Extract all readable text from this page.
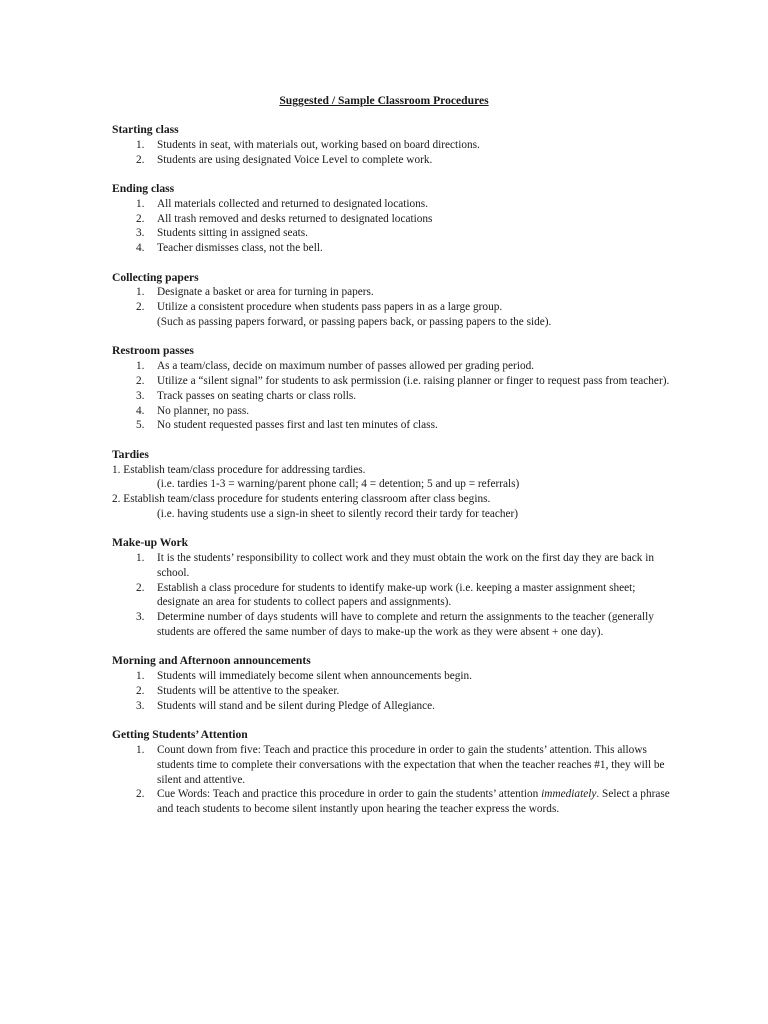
Suggested / Sample Classroom Procedures
Starting class
1. Students in seat, with materials out, working based on board directions.
2. Students are using designated Voice Level to complete work.
Ending class
1. All materials collected and returned to designated locations.
2. All trash removed and desks returned to designated locations
3. Students sitting in assigned seats.
4. Teacher dismisses class, not the bell.
Collecting papers
1. Designate a basket or area for turning in papers.
2. Utilize a consistent procedure when students pass papers in as a large group.
(Such as passing papers forward, or passing papers back, or passing papers to the side).
Restroom passes
1. As a team/class, decide on maximum number of passes allowed per grading period.
2. Utilize a “silent signal” for students to ask permission (i.e. raising planner or finger to request pass from teacher).
3. Track passes on seating charts or class rolls.
4. No planner, no pass.
5. No student requested passes first and last ten minutes of class.
Tardies
1. Establish team/class procedure for addressing tardies.
(i.e. tardies 1-3 = warning/parent phone call; 4 = detention; 5 and up = referrals)
2. Establish team/class procedure for students entering classroom after class begins.
(i.e. having students use a sign-in sheet to silently record their tardy for teacher)
Make-up Work
1. It is the students’ responsibility to collect work and they must obtain the work on the first day they are back in school.
2. Establish a class procedure for students to identify make-up work (i.e. keeping a master assignment sheet; designate an area for students to collect papers and assignments).
3. Determine number of days students will have to complete and return the assignments to the teacher (generally students are offered the same number of days to make-up the work as they were absent + one day).
Morning and Afternoon announcements
1. Students will immediately become silent when announcements begin.
2. Students will be attentive to the speaker.
3. Students will stand and be silent during Pledge of Allegiance.
Getting Students’ Attention
1. Count down from five: Teach and practice this procedure in order to gain the students’ attention. This allows students time to complete their conversations with the expectation that when the teacher reaches #1, they will be silent and attentive.
2. Cue Words: Teach and practice this procedure in order to gain the students’ attention immediately. Select a phrase and teach students to become silent instantly upon hearing the teacher express the words.
